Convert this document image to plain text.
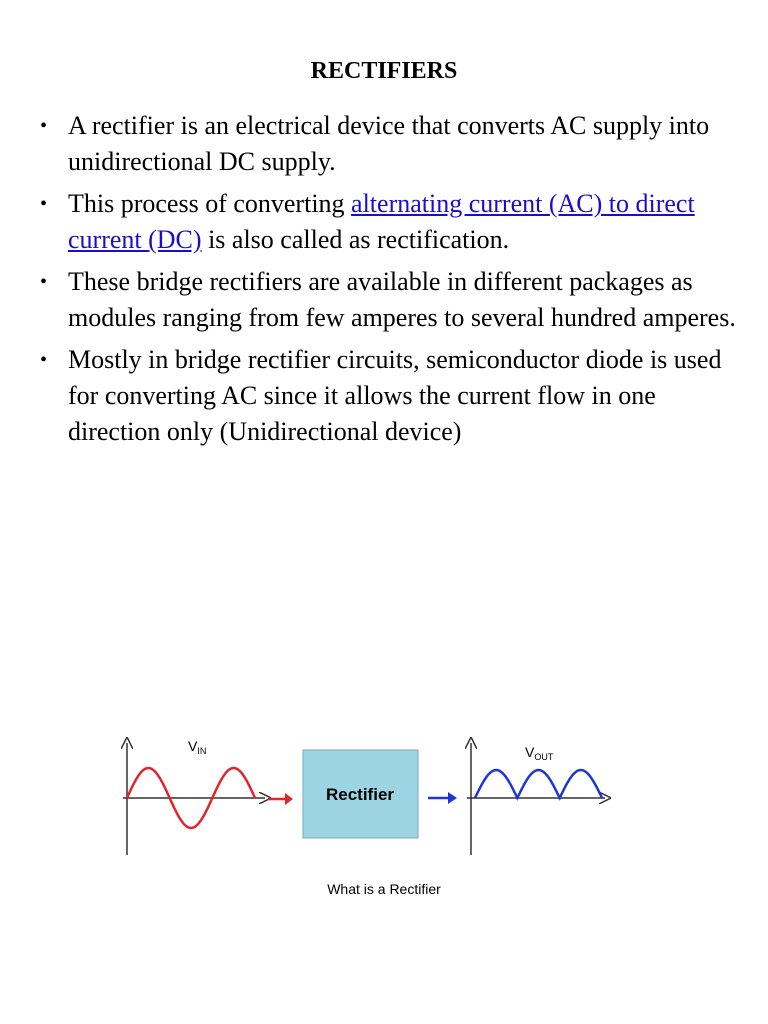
RECTIFIERS
• A rectifier is an electrical device that converts AC supply into unidirectional DC supply.
• This process of converting alternating current (AC) to direct current (DC) is also called as rectification.
• These bridge rectifiers are available in different packages as modules ranging from few amperes to several hundred amperes.
• Mostly in bridge rectifier circuits, semiconductor diode is used for converting AC since it allows the current flow in one direction only (Unidirectional device)
$V_{IN}$
Rectifier
$V_{OUT}$
What is a Rectifier
